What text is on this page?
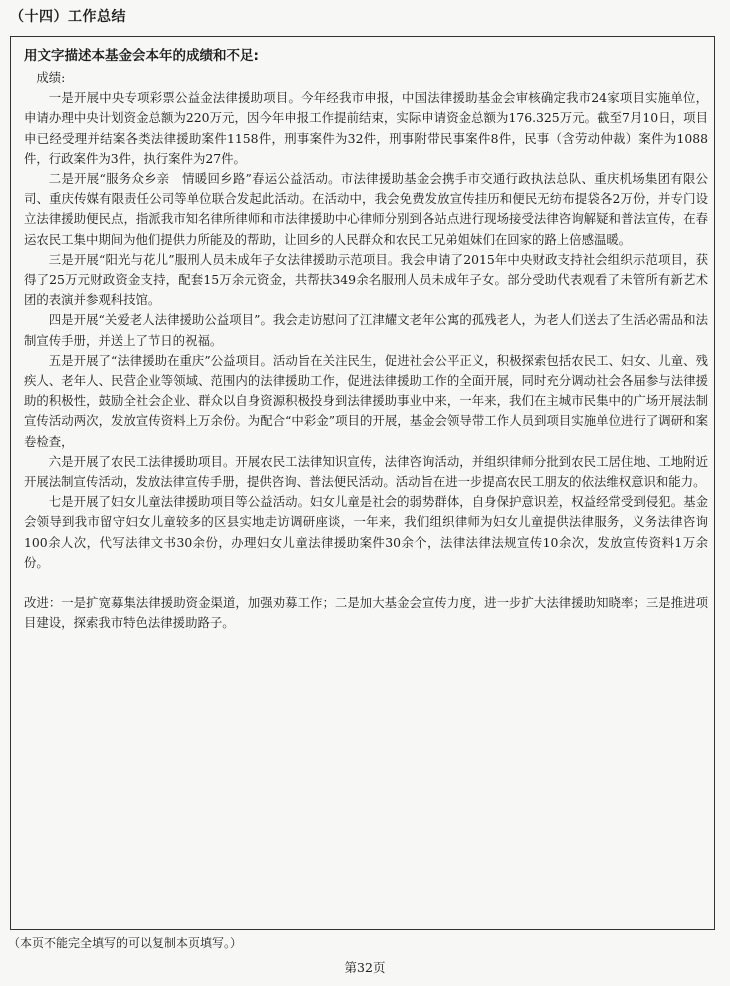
（十四）工作总结
用文字描述本基金会本年的成绩和不足:

成绩:

一是开展中央专项彩票公益金法律援助项目。今年经我市申报，中国法律援助基金会审核确定我市24家项目实施单位，申请办理中央计划资金总额为220万元，因今年申报工作提前结束，实际申请资金总额为176.325万元。截至7月10日，项目申已经受理并结案各类法律援助案件1158件，刑事案件为32件，刑事附带民事案件8件，民事（含劳动仲裁）案件为1088件，行政案件为3件，执行案件为27件。

二是开展“服务众乡亲　情暖回乡路”春运公益活动。市法律援助基金会携手市交通行政执法总队、重庆机场集团有限公司、重庆传媒有限责任公司等单位联合发起此活动。在活动中，我会免费发放宣传挂历和便民无纺布提袋各2万份，并专门设立法律援助便民点，指派我市知名律所律师和市法律援助中心律师分别到各站点进行现场接受法律咨询解疑和普法宣传，在春运农民工集中期间为他们提供力所能及的帮助，让回乡的人民群众和农民工兄弟姐妹们在回家的路上倍感温暖。

三是开展“阳光与花儿”服刑人员未成年子女法律援助示范项目。我会申请了2015年中央财政支持社会组织示范项目，获得了25万元财政资金支持，配套15万余元资金，共帮扶349余名服刑人员未成年子女。部分受助代表观看了未管所有新艺术团的表演并参观科技馆。

四是开展“关爱老人法律援助公益项目”。我会走访慰问了江津耀文老年公寓的孤残老人，为老人们送去了生活必需品和法制宣传手册，并送上了节日的祝福。

五是开展了“法律援助在重庆”公益项目。活动旨在关注民生，促进社会公平正义，积极探索包括农民工、妇女、儿童、残疾人、老年人、民营企业等领域、范围内的法律援助工作，促进法律援助工作的全面开展，同时充分调动社会各届参与法律援助的积极性，鼓励全社会企业、群众以自身资源积极投身到法律援助事业中来，一年来，我们在主城市民集中的广场开展法制宣传活动两次，发放宣传资料上万余份。为配合“中彩金”项目的开展，基金会领导带工作人员到项目实施单位进行了调研和案卷检查，

六是开展了农民工法律援助项目。开展农民工法律知识宣传，法律咨询活动，并组织律师分批到农民工居住地、工地附近开展法制宣传活动，发放法律宣传手册，提供咨询、普法便民活动。活动旨在进一步提高农民工朋友的依法维权意识和能力。

七是开展了妇女儿童法律援助项目等公益活动。妇女儿童是社会的弱势群体，自身保护意识差，权益经常受到侵犯。基金会领导到我市留守妇女儿童较多的区县实地走访调研座谈，一年来，我们组织律师为妇女儿童提供法律服务，义务法律咨询100余人次，代写法律文书30余份，办理妇女儿童法律援助案件30余个，法律法律法规宣传10余次，发放宣传资料1万余份。

改进：一是扩宽募集法律援助资金渠道，加强劝募工作；二是加大基金会宣传力度，进一步扩大法律援助知晓率；三是推进项目建设，探索我市特色法律援助路子。

（本页不能完全填写的可以复制本页填写。）
第32页
